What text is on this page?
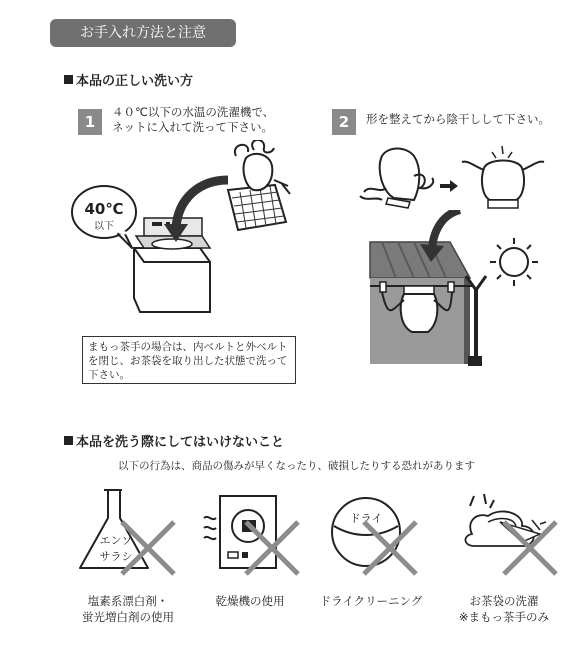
お手入れ方法と注意
本品の正しい洗い方
1
４０℃以下の水温の洗濯機で、
ネットに入れて洗って下さい。	2	形を整えてから陰干しして下さい。
40℃
以下
まもっ茶手の場合は、内ベルトと外ベルト
を閉じ、お茶袋を取り出した状態で洗って
下さい。
本品を洗う際にしてはいけないこと
以下の行為は、商品の傷みが早くなったり、破損したりする恐れがあります
エンソ
サラシ
ドライ
塩素系漂白剤・
蛍光増白剤の使用
乾燥機の使用	ドライクリーニング	お茶袋の洗濯
※まもっ茶手のみ
